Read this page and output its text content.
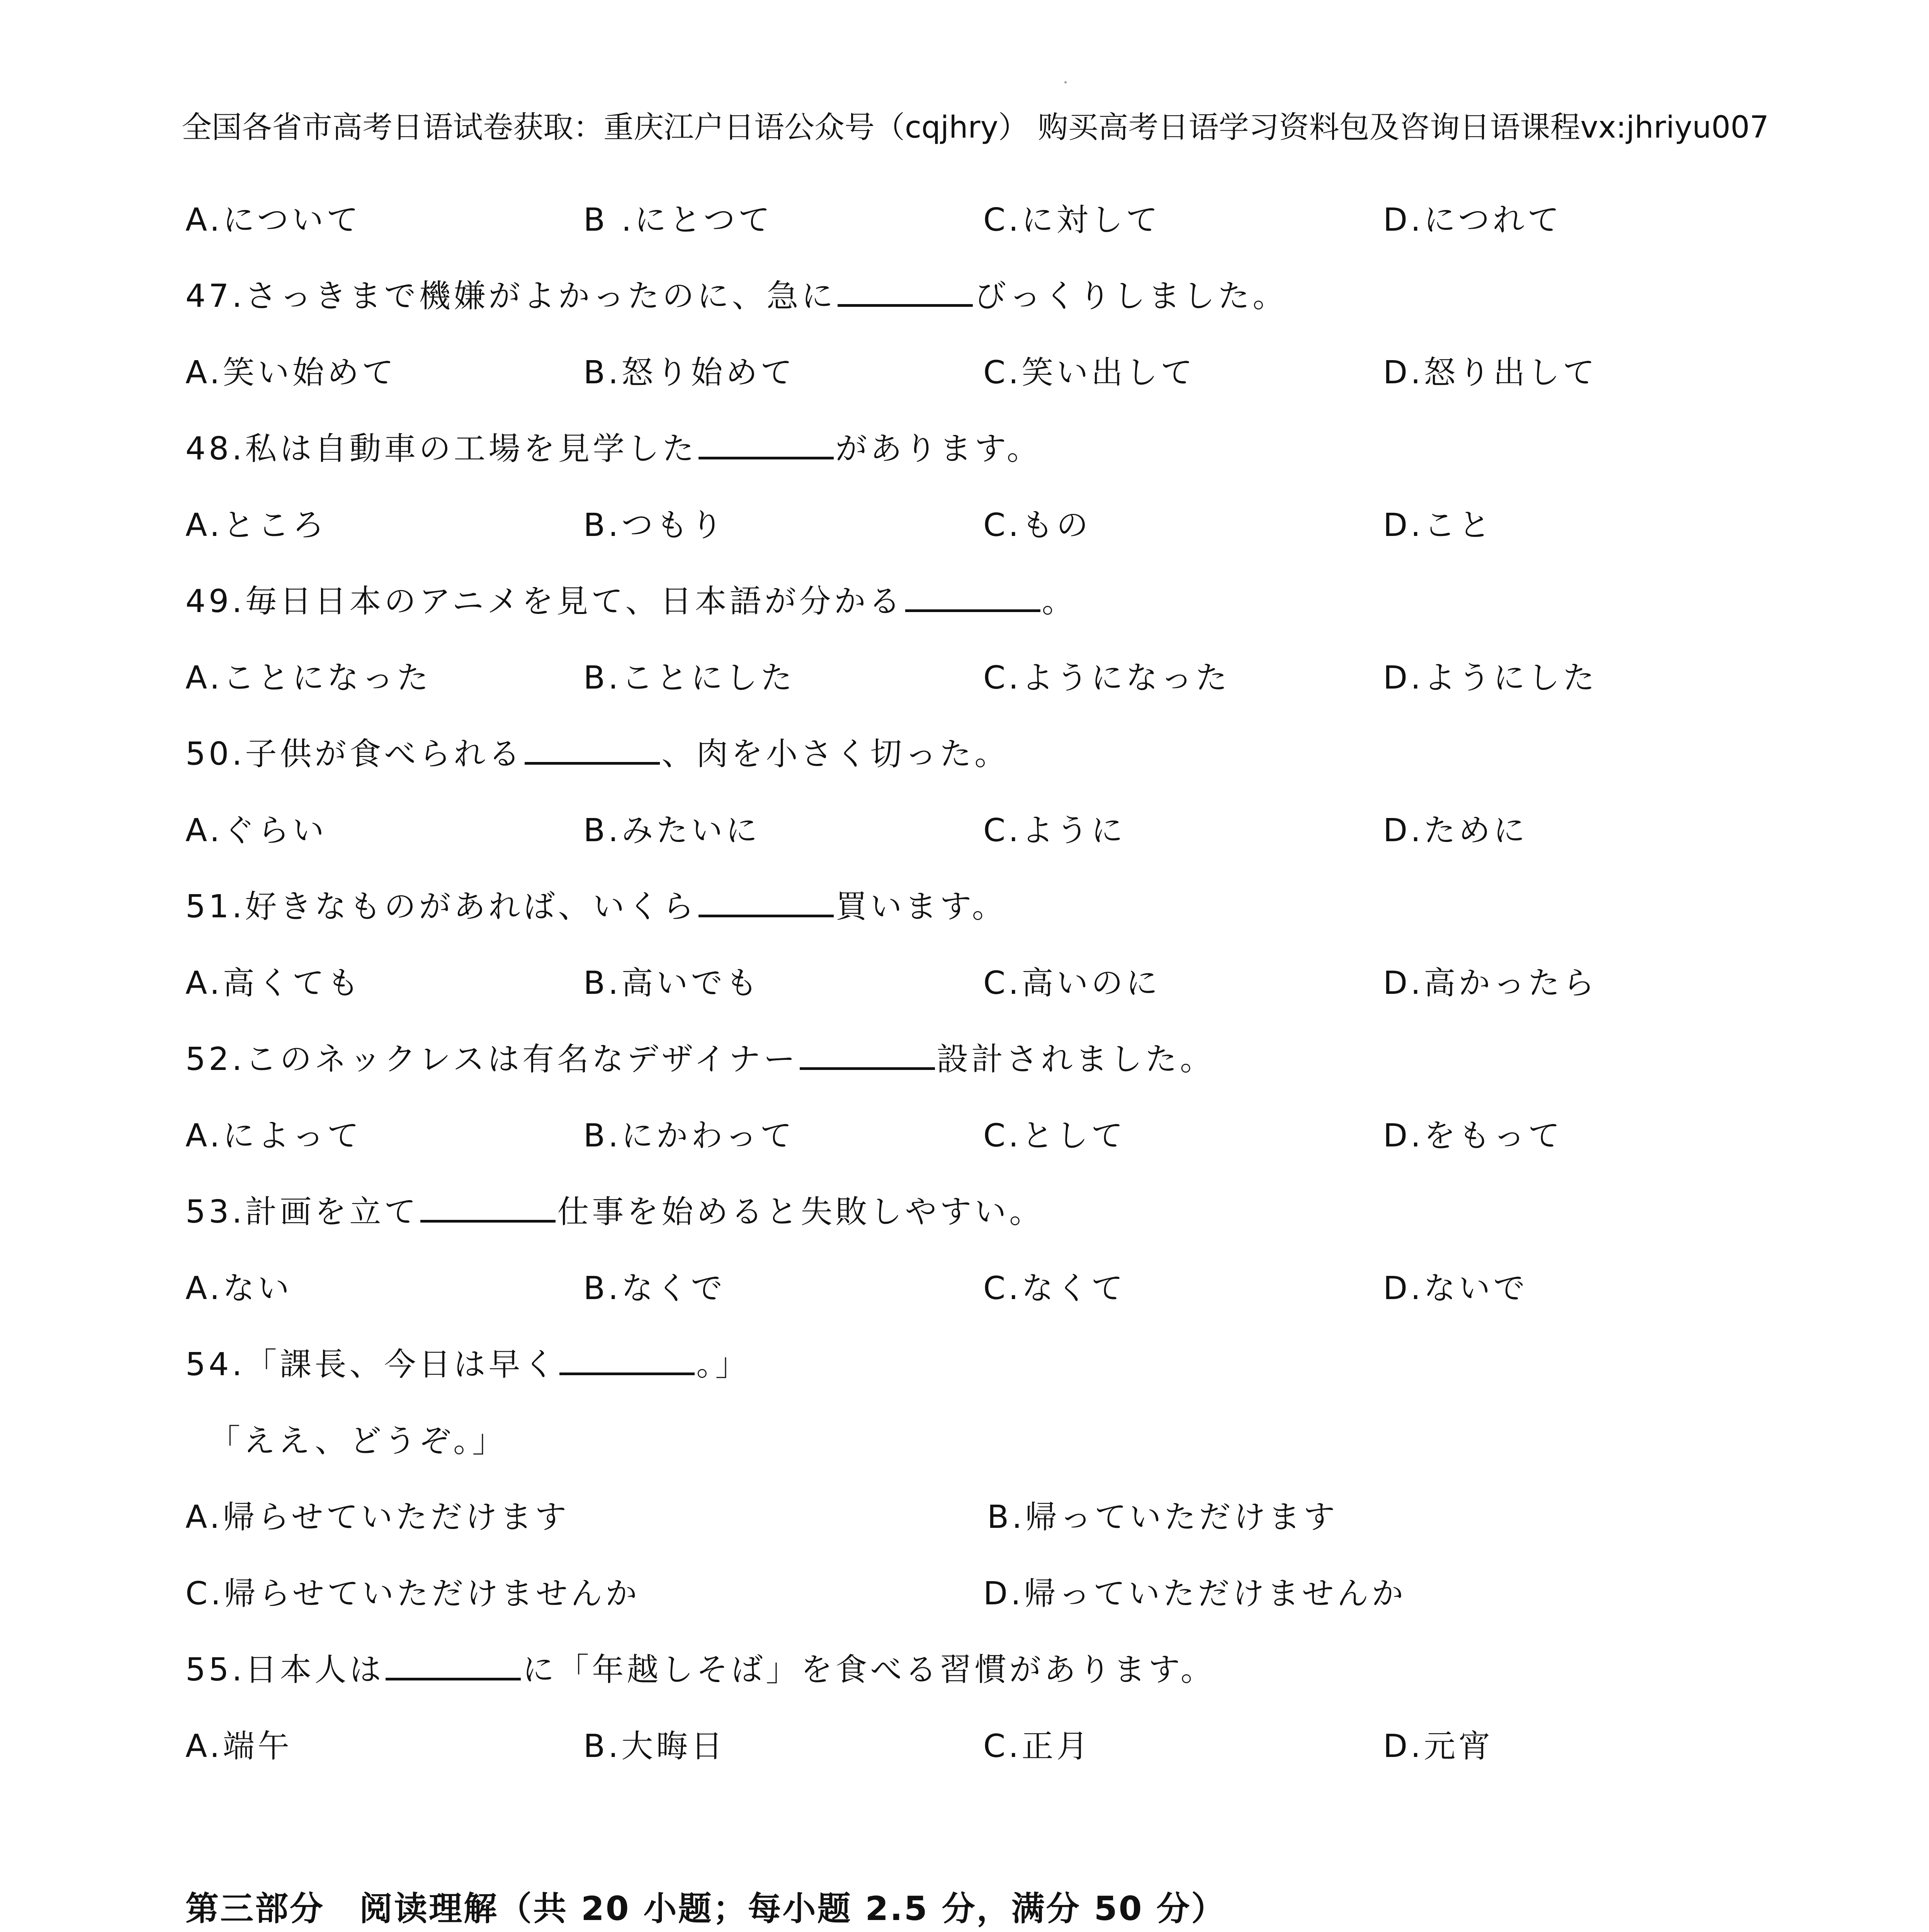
全国各省市高考日语试卷获取：重庆江户日语公众号（cqjhry） 购买高考日语学习资料包及咨询日语课程vx:jhriyu007
A.について	B .にとつて	C.に対して	D.につれて
47.さっきまで機嫌がよかったのに、急に	びっくりしました。
A.笑い始めて	B.怒り始めて	C.笑い出して	D.怒り出して
48.私は自動車の工場を見学した	があります。
A.ところ	B.つもり	C.もの	D.こと
49.毎日日本のアニメを見て、日本語が分かる	。
A.ことになった	B.ことにした	C.ようになった	D.ようにした
50.子供が食べられる	、肉を小さく切った。
A.ぐらい	B.みたいに	C.ように	D.ために
51.好きなものがあれば、いくら	買います。
A.高くても	B.高いでも	C.高いのに	D.高かったら
52.このネックレスは有名なデザイナー	設計されました。
A.によって	B.にかわって	C.として	D.をもって
53.計画を立て	仕事を始めると失敗しやすい。
A.ない	B.なくで	C.なくて	D.ないで
54.「課長、今日は早く	。」
「ええ、どうぞ。」
A.帰らせていただけます	B.帰っていただけます
C.帰らせていただけませんか	D.帰っていただけませんか
55.日本人は	に「年越しそば」を食べる習慣があります。
A.端午	B.大晦日	C.正月	D.元宵
第三部分　阅读理解（共 20 小题；每小题 2.5 分，满分 50 分）
